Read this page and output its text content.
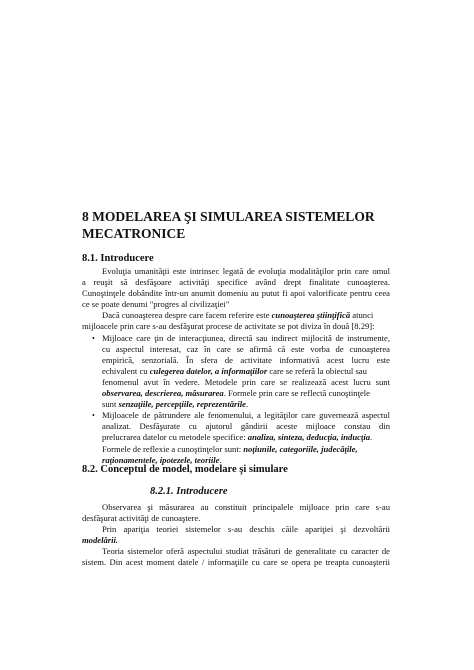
8 MODELAREA ŞI SIMULAREA SISTEMELOR
MECATRONICE
8.1. Introducere

Evoluţia umanităţii este intrinsec legată de evoluţia modalităţilor prin care omul
a reuşit să desfăşoare activităţi specifice având drept finalitate cunoaşterea.
Cunoştinţele dobândite într-un anumit domeniu au putut fi apoi valorificate pentru ceea
ce se poate denumi "progres al civilizaţiei"

Dacă cunoaşterea despre care facem referire este cunoaşterea ştiinţifică atunci
mijloacele prin care s-au desfăşurat procese de activitate se pot diviza în două [8.29]:

• Mijloace care ţin de interacţiunea, directă sau indirect mijlocită de instrumente,
cu aspectul interesat, caz în care se afirmă că este vorba de cunoaşterea
empirică, senzorială. În sfera de activitate informativă acest lucru este
echivalent cu culegerea datelor, a informaţiilor care se referă la obiectul sau
fenomenul avut în vedere. Metodele prin care se realizează acest lucru sunt
observarea, descrierea, măsurarea. Formele prin care se reflectă cunoştinţele
sunt senzaţiile, percepţiile, reprezentările.
• Mijloacele de pătrundere ale fenomenului, a legităţilor care guvernează aspectul
analizat. Desfăşurate cu ajutorul gândirii aceste mijloace constau din
prelucrarea datelor cu metodele specifice: analiza, sinteza, deducţia, inducţia.
Formele de reflexie a cunoştinţelor sunt: noţiunile, categoriile, judecăţile,
raţionamentele, ipotezele, teoriile.
8.2. Conceptul de model, modelare şi simulare
8.2.1. Introducere

Observarea şi măsurarea au constituit principalele mijloace prin care s-au
desfăşurat activităţi de cunoaştere.

Prin apariţia teoriei sistemelor s-au deschis căile apariţiei şi dezvoltării
modelării.

Teoria sistemelor oferă aspectului studiat trăsături de generalitate cu caracter de
sistem. Din acest moment datele / informaţiile cu care se opera pe treapta cunoaşterii
